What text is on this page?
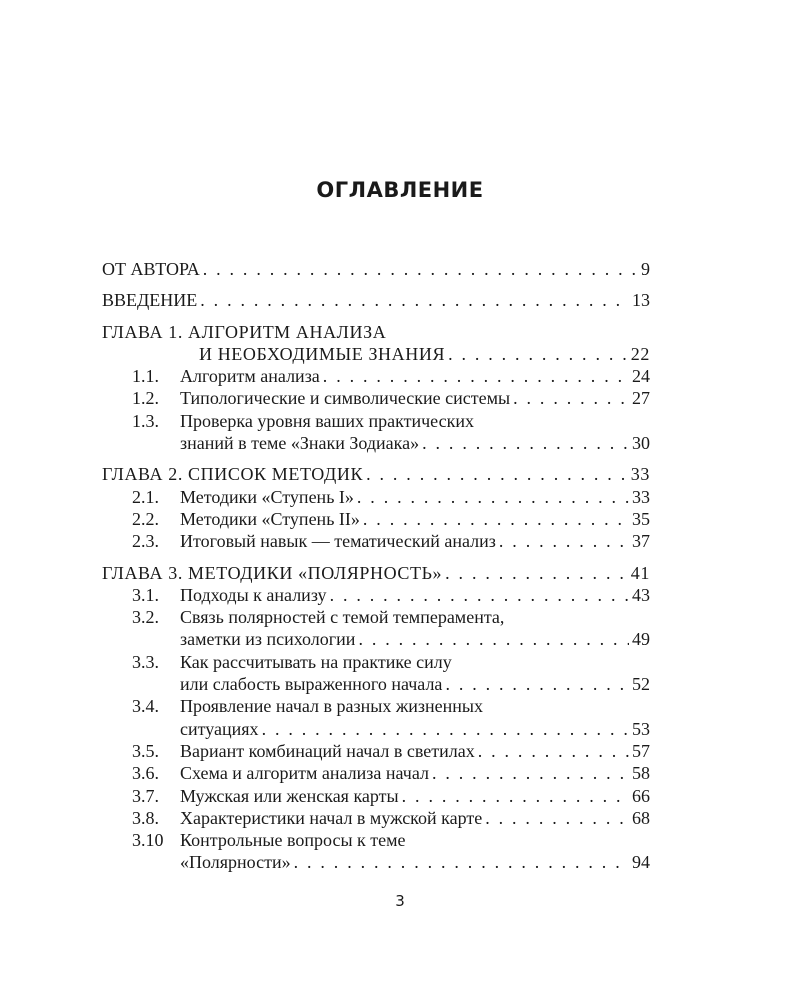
ОГЛАВЛЕНИЕ
ОТ АВТОРА . . .	9
ВВЕДЕНИЕ . . .	13
ГЛАВА 1. АЛГОРИТМ АНАЛИЗА
И НЕОБХОДИМЫЕ ЗНАНИЯ . . .	22
1.1.	Алгоритм анализа . . .	24
1.2.	Типологические и символические системы . . .	27
1.3.	Проверка уровня ваших практических
знаний в теме «Знаки Зодиака» . . .	30
ГЛАВА 2. СПИСОК МЕТОДИК . . .	33
2.1.	Методики «Ступень I» . . .	33
2.2.	Методики «Ступень II» . . .	35
2.3.	Итоговый навык — тематический анализ . . .	37
ГЛАВА 3. МЕТОДИКИ «ПОЛЯРНОСТЬ» . . .	41
3.1.	Подходы к анализу . . .	43
3.2.	Связь полярностей с темой темперамента,
заметки из психологии . . .	49
3.3.	Как рассчитывать на практике силу
или слабость выраженного начала . . .	52
3.4.	Проявление начал в разных жизненных
ситуациях . . .	53
3.5.	Вариант комбинаций начал в светилах . . .	57
3.6.	Схема и алгоритм анализа начал . . .	58
3.7.	Мужская или женская карты . . .	66
3.8.	Характеристики начал в мужской карте . . .	68
3.10 Контрольные вопросы к теме
«Полярности» . . .	94
3
